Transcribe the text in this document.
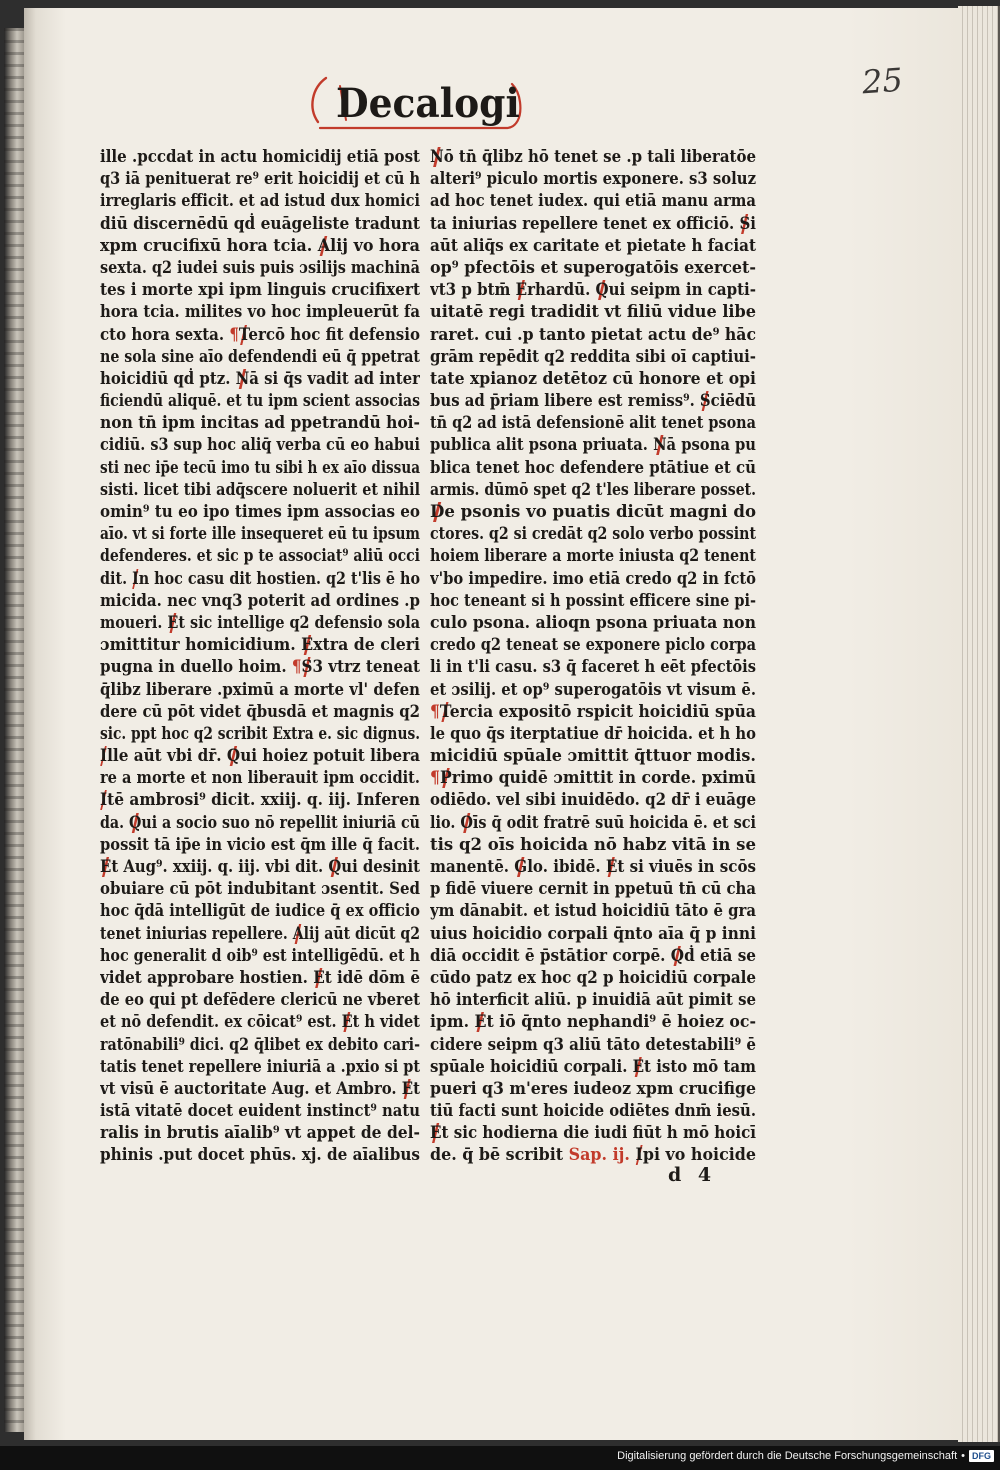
Decalogi	25
ille .pccdat in actu homicidij etiā post
q3 iā penituerat re⁹ erit hoicidij et cū h
irreglaris efficit. et ad istud dux homici
diū discernēdū qḋ euāgeliste tradunt
xpm crucifixū hora tcia. Alij vo hora
sexta. q2 iudei suis puis ɔsilijs machinā
tes i morte xpi ipm linguis crucifixert
hora tcia. milites vo hoc impleuerūt fa
cto hora sexta. ¶Tercō hoc fit defensio
ne sola sine aīo defendendi eū q̄ ppetrat
hoicidiū qḋ ptz. Nā si q̄s vadit ad inter
ficiendū aliquē. et tu ipm scient associas
non tn̄ ipm incitas ad ppetrandū hoi-
cidiū. s3 sup hoc aliq̄ verba cū eo habui
sti nec ip̄e tecū imo tu sibi h ex aīo dissua
sisti. licet tibi adq̄scere noluerit et nihil
omin⁹ tu eo ipo times ipm associas eo
aīo. vt si forte ille insequeret eū tu ipsum
defenderes. et sic p te associat⁹ aliū occi
dit. In hoc casu dit hostien. q2 t'lis ē ho
micida. nec vnq3 poterit ad ordines .p
moueri. Et sic intellige q2 defensio sola
ɔmittitur homicidium. Extra de cleri
pugna in duello hoim. ¶S3 vtrz teneat
q̄libz liberare .pximū a morte vl' defen
dere cū pōt videt q̄busdā et magnis q2
sic. ppt hoc q2 scribit Extra e. sic dignus.
Ille aūt vbi dr̄. Qui hoiez potuit libera
re a morte et non liberauit ipm occidit.
Itē ambrosi⁹ dicit. xxiij. q. iij. Inferen
da. Qui a socio suo nō repellit iniuriā cū
possit tā ip̄e in vicio est q̄m ille q̄ facit.
Et Aug⁹. xxiij. q. iij. vbi dit. Qui desinit
obuiare cū pōt indubitant ɔsentit. Sed
hoc q̄dā intelligūt de iudice q̄ ex officio
tenet iniurias repellere. Alij aūt dicūt q2
hoc generalit d oib⁹ est intelligēdū. et h
videt approbare hostien. Et idē dōm ē
de eo qui pt defēdere clericū ne vberet
et nō defendit. ex cōicat⁹ est. Et h videt
ratōnabili⁹ dici. q2 q̄libet ex debito cari-
tatis tenet repellere iniuriā a .pxio si pt
vt visū ē auctoritate Aug. et Ambro. Et
istā vitatē docet euident instinct⁹ natu
ralis in brutis aīalib⁹ vt appet de del-
phinis .put docet phūs. xj. de aīalibus
Nō tn̄ q̄libz hō tenet se .p tali liberatōe
alteri⁹ piculo mortis exponere. s3 soluz
ad hoc tenet iudex. qui etiā manu arma
ta iniurias repellere tenet ex officiō. Si
aūt aliq̄s ex caritate et pietate h faciat
op⁹ pfectōis et superogatōis exercet-
vt3 p btm̄ Erhardū. Qui seipm in capti-
uitatē regi tradidit vt filiū vidue libe
raret. cui .p tanto pietat actu de⁹ hāc
grām repēdit q2 reddita sibi oī captiui-
tate xpianoz detētoz cū honore et opi
bus ad p̄riam libere est remiss⁹. Sciēdū
tn̄ q2 ad istā defensionē alit tenet psona
publica alit psona priuata. Nā psona pu
blica tenet hoc defendere ptātiue et cū
armis. dūmō spet q2 t'les liberare posset.
De psonis vo puatis dicūt magni do
ctores. q2 si credāt q2 solo verbo possint
hoiem liberare a morte iniusta q2 tenent
v'bo impedire. imo etiā credo q2 in fctō
hoc teneant si h possint efficere sine pi-
culo psona. alioqn psona priuata non
credo q2 teneat se exponere piclo corpa
li in t'li casu. s3 q̄ faceret h eēt pfectōis
et ɔsilij. et op⁹ superogatōis vt visum ē.
¶Tercia expositō rspicit hoicidiū spūa
le quo q̄s iterptatiue dr̄ hoicida. et h ho
micidiū spūale ɔmittit q̄ttuor modis.
¶Primo quidē ɔmittit in corde. pximū
odiēdo. vel sibi inuidēdo. q2 dr̄ i euāge
lio. Oīs q̄ odit fratrē suū hoicida ē. et sci
tis q2 oīs hoicida nō habz vitā in se
manentē. Glo. ibidē. Et si viuēs in scōs
p fidē viuere cernit in ppetuū tn̄ cū cha
ym dānabit. et istud hoicidiū tāto ē gra
uius hoicidio corpali q̄nto aīa q̄ p inni
diā occidit ē p̄stātior corpē. Qḋ etiā se
cūdo patz ex hoc q2 p hoicidiū corpale
hō interficit aliū. p inuidiā aūt pimit se
ipm. Et iō q̄nto nephandi⁹ ē hoiez oc-
cidere seipm q3 aliū tāto detestabili⁹ ē
spūale hoicidiū corpali. Et isto mō tam
pueri q3 m'eres iudeoz xpm crucifige
tiū facti sunt hoicide odiētes dnm̄ iesū.
Et sic hodierna die iudi fiūt h mō hoicī
de. q̄ bē scribit Sap. ij. Ipi vo hoicide
d 4
Digitalisierung gefördert durch die Deutsche Forschungsgemeinschaft • DFG
